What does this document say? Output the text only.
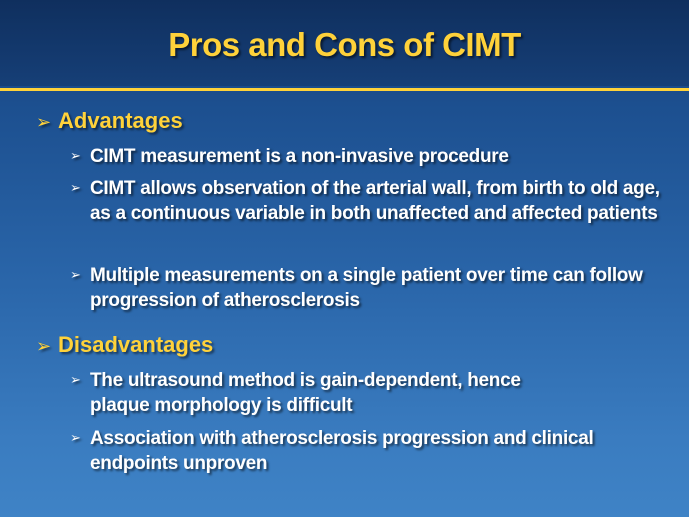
Pros and Cons of CIMT
➢ Advantages
➢ CIMT measurement is a non-invasive procedure
➢ CIMT allows observation of the arterial wall, from birth to old age, as a continuous variable in both unaffected and affected patients
➢ Multiple measurements on a single patient over time can follow progression of atherosclerosis
➢ Disadvantages
➢ The ultrasound method is gain-dependent, hence plaque morphology is difficult
➢ Association with atherosclerosis progression and clinical endpoints unproven
